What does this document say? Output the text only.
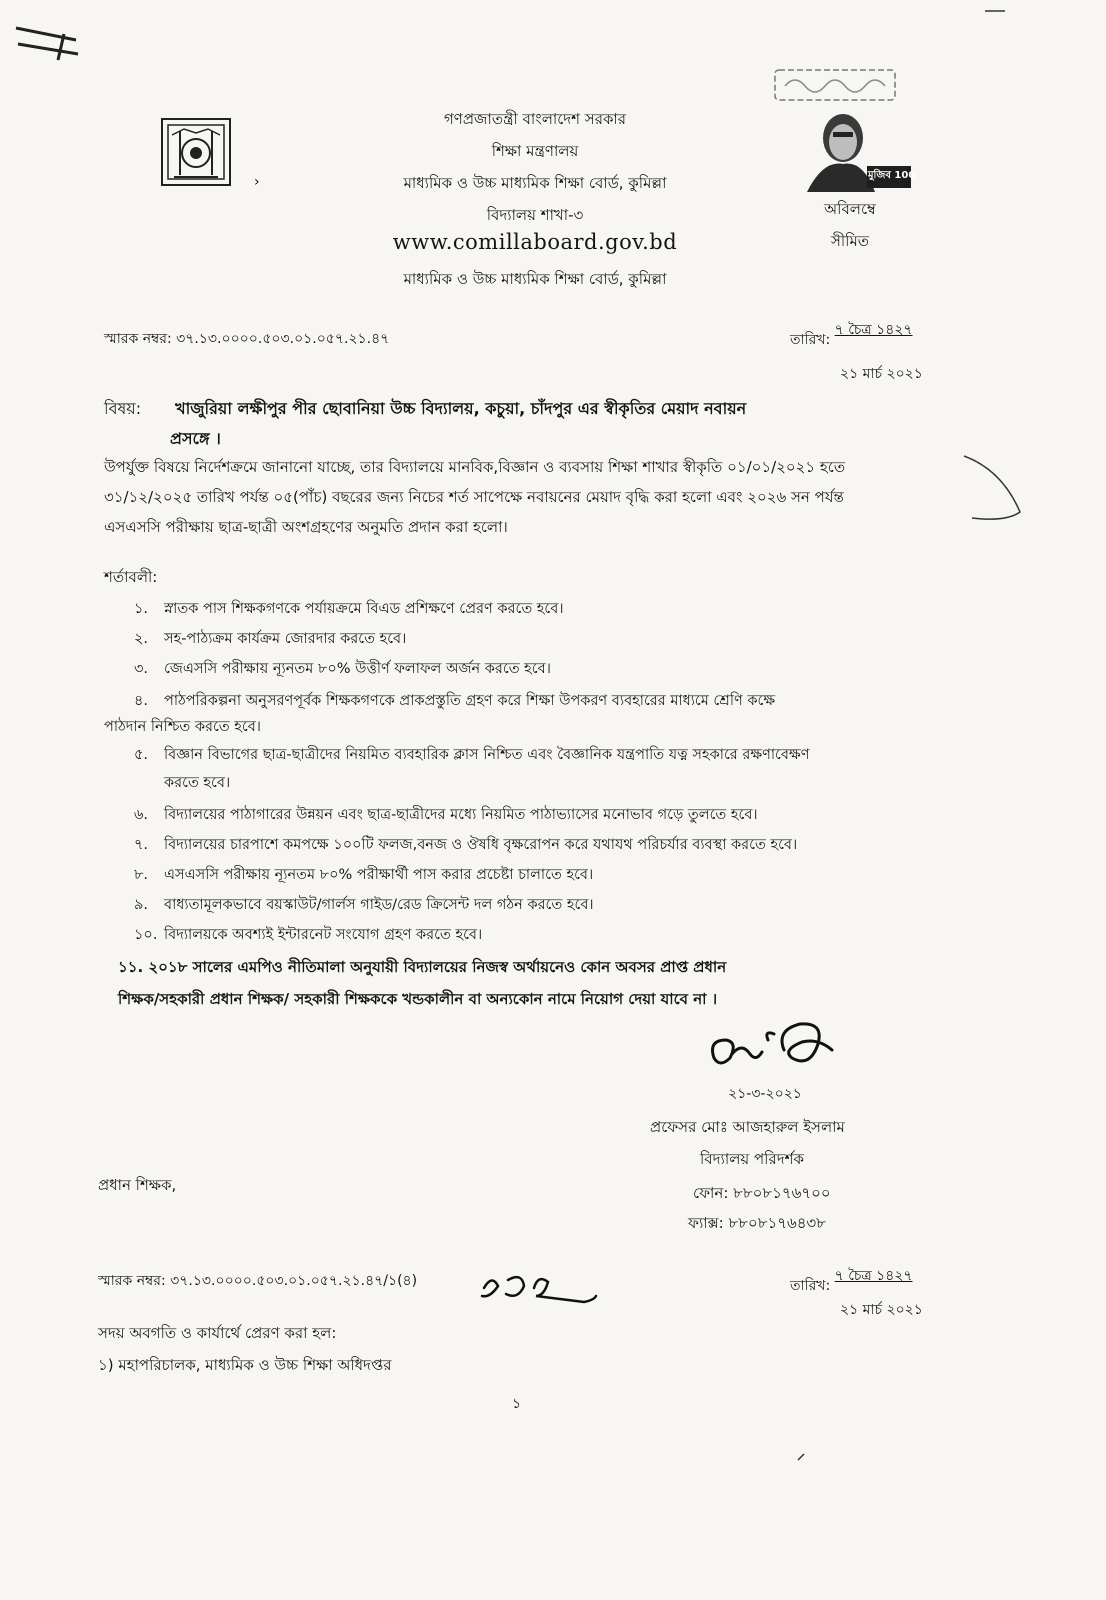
›
গণপ্রজাতন্ত্রী বাংলাদেশ সরকার
শিক্ষা মন্ত্রণালয়
মাধ্যমিক ও উচ্চ মাধ্যমিক শিক্ষা বোর্ড, কুমিল্লা
বিদ্যালয় শাখা-৩
www.comillaboard.gov.bd
মাধ্যমিক ও উচ্চ মাধ্যমিক শিক্ষা বোর্ড, কুমিল্লা
মুজিব 100
অবিলম্বে
সীমিত
স্মারক নম্বর: ৩৭.১৩.০০০০.৫০৩.০১.০৫৭.২১.৪৭	তারিখ: ৭ চৈত্র ১৪২৭
২১ মার্চ ২০২১
বিষয়: খাজুরিয়া লক্ষীপুর পীর ছোবানিয়া উচ্চ বিদ্যালয়, কচুয়া, চাঁদপুর এর স্বীকৃতির মেয়াদ নবায়ন
প্রসঙ্গে ।
উপর্যুক্ত বিষয়ে নির্দেশক্রমে জানানো যাচ্ছে, তার বিদ্যালয়ে মানবিক,বিজ্ঞান ও ব্যবসায় শিক্ষা শাখার স্বীকৃতি ০১/০১/২০২১ হতে
৩১/১২/২০২৫ তারিখ পর্যন্ত ০৫(পাঁচ) বছরের জন্য নিচের শর্ত সাপেক্ষে নবায়নের মেয়াদ বৃদ্ধি করা হলো এবং ২০২৬ সন পর্যন্ত
এসএসসি পরীক্ষায় ছাত্র-ছাত্রী অংশগ্রহণের অনুমতি প্রদান করা হলো।
শর্তাবলী:
১. স্নাতক পাস শিক্ষকগণকে পর্যায়ক্রমে বিএড প্রশিক্ষণে প্রেরণ করতে হবে।
২. সহ-পাঠ্যক্রম কার্যক্রম জোরদার করতে হবে।
৩. জেএসসি পরীক্ষায় ন্যূনতম ৮০% উত্তীর্ণ ফলাফল অর্জন করতে হবে।
৪. পাঠপরিকল্পনা অনুসরণপূর্বক শিক্ষকগণকে প্রাকপ্রস্তুতি গ্রহণ করে শিক্ষা উপকরণ ব্যবহারের মাধ্যমে শ্রেণি কক্ষে
পাঠদান নিশ্চিত করতে হবে।
৫. বিজ্ঞান বিভাগের ছাত্র-ছাত্রীদের নিয়মিত ব্যবহারিক ক্লাস নিশ্চিত এবং বৈজ্ঞানিক যন্ত্রপাতি যত্ন সহকারে রক্ষণাবেক্ষণ
করতে হবে।
৬. বিদ্যালয়ের পাঠাগারের উন্নয়ন এবং ছাত্র-ছাত্রীদের মধ্যে নিয়মিত পাঠাভ্যাসের মনোভাব গড়ে তুলতে হবে।
৭. বিদ্যালয়ের চারপাশে কমপক্ষে ১০০টি ফলজ,বনজ ও ঔষধি বৃক্ষরোপন করে যথাযথ পরিচর্যার ব্যবস্থা করতে হবে।
৮. এসএসসি পরীক্ষায় ন্যূনতম ৮০% পরীক্ষার্থী পাস করার প্রচেষ্টা চালাতে হবে।
৯. বাধ্যতামূলকভাবে বয়স্কাউট/গার্লস গাইড/রেড ক্রিসেন্ট দল গঠন করতে হবে।
১০. বিদ্যালয়কে অবশ্যই ইন্টারনেট সংযোগ গ্রহণ করতে হবে।
১১. ২০১৮ সালের এমপিও নীতিমালা অনুযায়ী বিদ্যালয়ের নিজস্ব অর্থায়নেও কোন অবসর প্রাপ্ত প্রধান
শিক্ষক/সহকারী প্রধান শিক্ষক/ সহকারী শিক্ষককে খন্ডকালীন বা অন্যকোন নামে নিয়োগ দেয়া যাবে না ।
২১-৩-২০২১
প্রফেসর মোঃ আজহারুল ইসলাম
বিদ্যালয় পরিদর্শক
ফোন: ৮৮০৮১৭৬৭০০
ফ্যাক্স: ৮৮০৮১৭৬৪৩৮
প্রধান শিক্ষক,
স্মারক নম্বর: ৩৭.১৩.০০০০.৫০৩.০১.০৫৭.২১.৪৭/১(৪)	তারিখ: ৭ চৈত্র ১৪২৭
২১ মার্চ ২০২১
সদয় অবগতি ও কার্যার্থে প্রেরণ করা হল:
১) মহাপরিচালক, মাধ্যমিক ও উচ্চ শিক্ষা অধিদপ্তর
১
